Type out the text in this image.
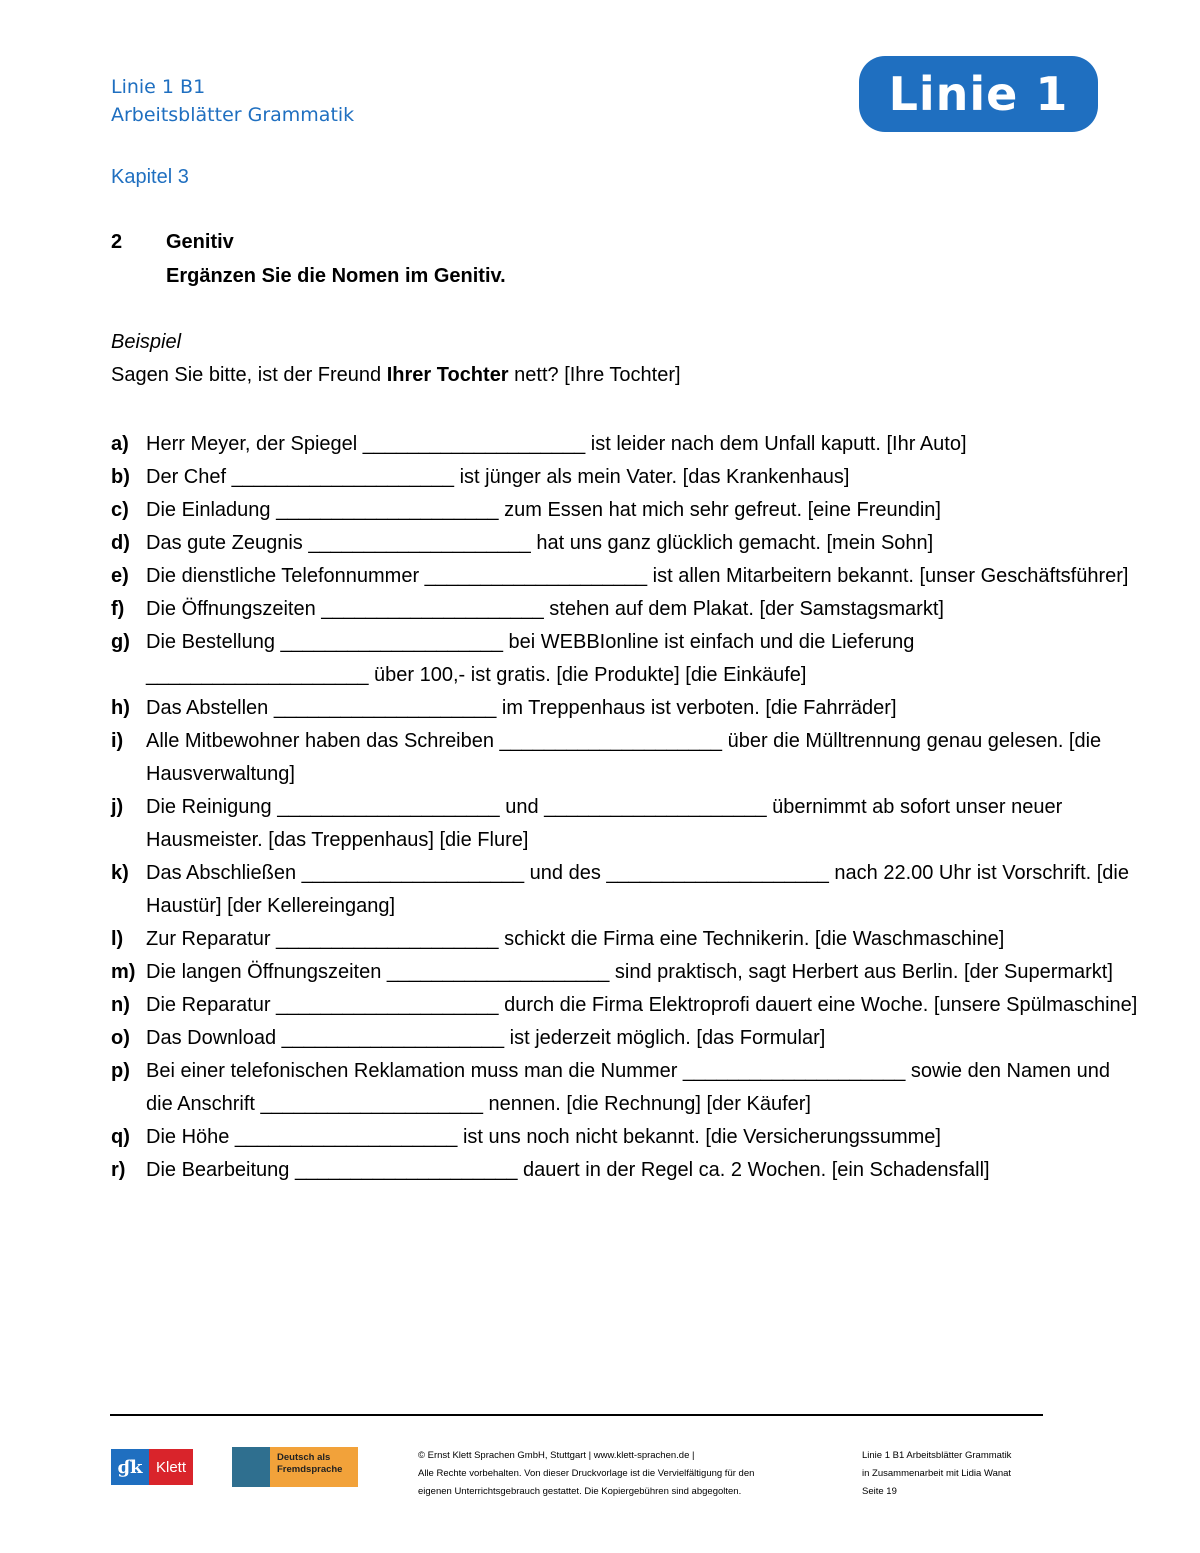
Linie 1 B1
Arbeitsblätter Grammatik	Linie 1
Kapitel 3
2 Genitiv
Ergänzen Sie die Nomen im Genitiv.
Beispiel
Sagen Sie bitte, ist der Freund Ihrer Tochter nett? [Ihre Tochter]
a) Herr Meyer, der Spiegel ____________________ ist leider nach dem Unfall kaputt. [Ihr Auto]
b) Der Chef ____________________ ist jünger als mein Vater. [das Krankenhaus]
c) Die Einladung ____________________ zum Essen hat mich sehr gefreut. [eine Freundin]
d) Das gute Zeugnis ____________________ hat uns ganz glücklich gemacht. [mein Sohn]
e) Die dienstliche Telefonnummer ____________________ ist allen Mitarbeitern bekannt. [unser Geschäftsführer]
f)	Die Öffnungszeiten ____________________ stehen auf dem Plakat. [der Samstagsmarkt]
g) Die Bestellung ____________________ bei WEBBIonline ist einfach und die Lieferung ____________________ über 100,- ist gratis. [die Produkte] [die Einkäufe]
h) Das Abstellen ____________________ im Treppenhaus ist verboten. [die Fahrräder]
i)	Alle Mitbewohner haben das Schreiben ____________________ über die Mülltrennung genau gelesen. [die Hausverwaltung]
j)	Die Reinigung ____________________ und ____________________ übernimmt ab sofort unser neuer Hausmeister. [das Treppenhaus] [die Flure]
k) Das Abschließen ____________________ und des ____________________ nach 22.00 Uhr ist Vorschrift. [die Haustür] [der Kellereingang]
l)	Zur Reparatur ____________________ schickt die Firma eine Technikerin. [die Waschmaschine]
m) Die langen Öffnungszeiten ____________________ sind praktisch, sagt Herbert aus Berlin. [der Supermarkt]
n) Die Reparatur ____________________ durch die Firma Elektroprofi dauert eine Woche. [unsere Spülmaschine]
o) Das Download ____________________ ist jederzeit möglich. [das Formular]
p) Bei einer telefonischen Reklamation muss man die Nummer ____________________ sowie den Namen und die Anschrift ____________________ nennen. [die Rechnung] [der Käufer]
q) Die Höhe ____________________ ist uns noch nicht bekannt. [die Versicherungssumme]
r)	Die Bearbeitung ____________________ dauert in der Regel ca. 2 Wochen. [ein Schadensfall]
ɠk Klett
Deutsch als Fremdsprache
© Ernst Klett Sprachen GmbH, Stuttgart | www.klett-sprachen.de |
Alle Rechte vorbehalten. Von dieser Druckvorlage ist die Vervielfältigung für den
eigenen Unterrichtsgebrauch gestattet. Die Kopiergebühren sind abgegolten.
Linie 1 B1 Arbeitsblätter Grammatik
in Zusammenarbeit mit Lidia Wanat
Seite 19
